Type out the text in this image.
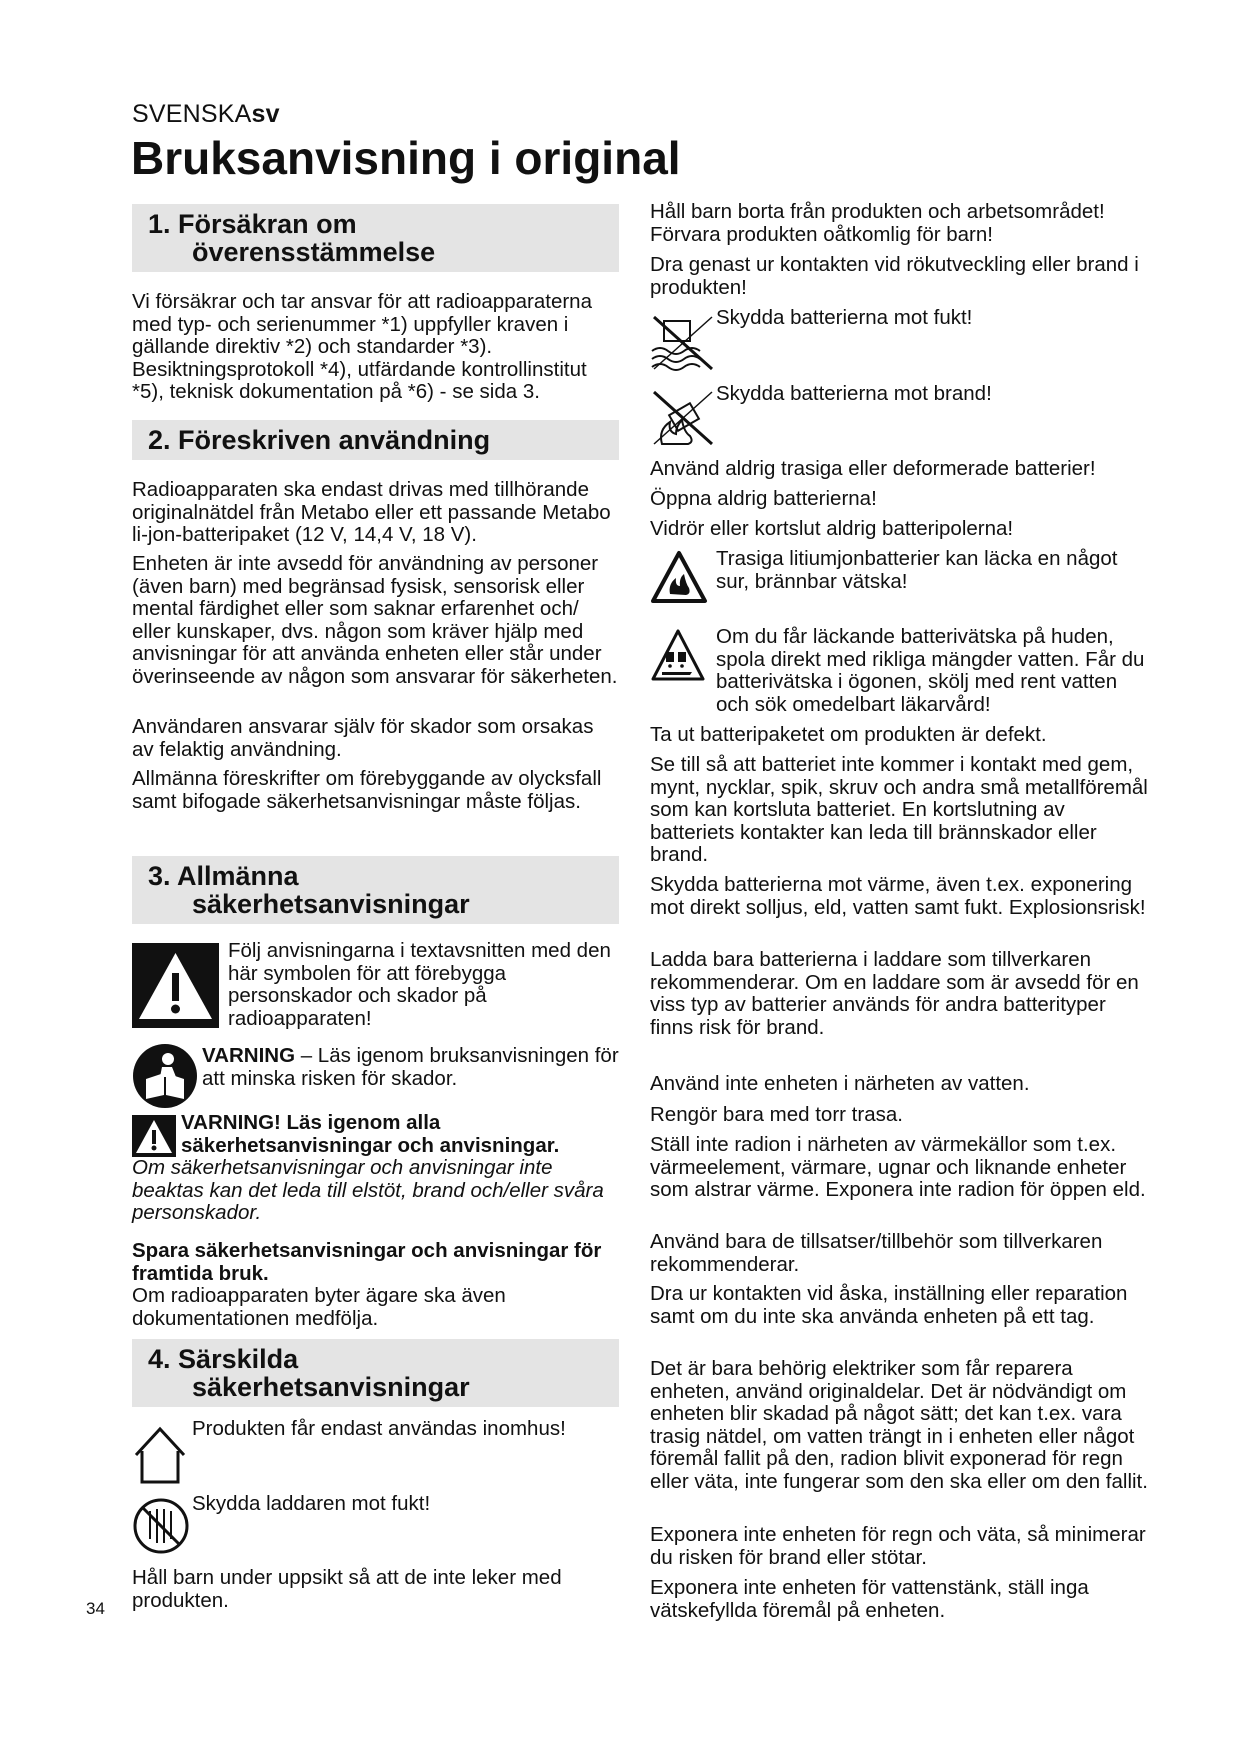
SVENSKAsv
Bruksanvisning i original
1. Försäkran om
överensstämmelse

Vi försäkrar och tar ansvar för att radioapparaterna med typ- och serienummer *1) uppfyller kraven i gällande direktiv *2) och standarder *3). Besiktningsprotokoll *4), utfärdande kontrollinstitut *5), teknisk dokumentation på *6) - se sida 3.

2. Föreskriven användning

Radioapparaten ska endast drivas med tillhörande originalnätdel från Metabo eller ett passande Metabo li-jon-batteripaket (12 V, 14,4 V, 18 V).

Enheten är inte avsedd för användning av personer (även barn) med begränsad fysisk, sensorisk eller mental färdighet eller som saknar erfarenhet och/ eller kunskaper, dvs. någon som kräver hjälp med anvisningar för att använda enheten eller står under överinseende av någon som ansvarar för säkerheten.

Användaren ansvarar själv för skador som orsakas av felaktig användning.

Allmänna föreskrifter om förebyggande av olycksfall samt bifogade säkerhetsanvisningar måste följas.

3. Allmänna
säkerhetsanvisningar

Följ anvisningarna i textavsnitten med den här symbolen för att förebygga personskador och skador på radioapparaten!

VARNING – Läs igenom bruksanvisningen för att minska risken för skador.

VARNING! Läs igenom alla säkerhetsanvisningar och anvisningar.

Om säkerhetsanvisningar och anvisningar inte beaktas kan det leda till elstöt, brand och/eller svåra personskador.

Spara säkerhetsanvisningar och anvisningar för framtida bruk.

Om radioapparaten byter ägare ska även dokumentationen medfölja.

4. Särskilda
säkerhetsanvisningar

Produkten får endast användas inomhus!

Skydda laddaren mot fukt!

Håll barn under uppsikt så att de inte leker med produkten.

Håll barn borta från produkten och arbetsområdet! Förvara produkten oåtkomlig för barn!

Dra genast ur kontakten vid rökutveckling eller brand i produkten!

Skydda batterierna mot fukt!

Skydda batterierna mot brand!

Använd aldrig trasiga eller deformerade batterier!

Öppna aldrig batterierna!

Vidrör eller kortslut aldrig batteripolerna!

Trasiga litiumjonbatterier kan läcka en något sur, brännbar vätska!

Om du får läckande batterivätska på huden, spola direkt med rikliga mängder vatten. Får du batterivätska i ögonen, skölj med rent vatten och sök omedelbart läkarvård!

Ta ut batteripaketet om produkten är defekt.

Se till så att batteriet inte kommer i kontakt med gem, mynt, nycklar, spik, skruv och andra små metallföremål som kan kortsluta batteriet. En kortslutning av batteriets kontakter kan leda till brännskador eller brand.

Skydda batterierna mot värme, även t.ex. exponering mot direkt solljus, eld, vatten samt fukt. Explosionsrisk!

Ladda bara batterierna i laddare som tillverkaren rekommenderar. Om en laddare som är avsedd för en viss typ av batterier används för andra batterityper finns risk för brand.

Använd inte enheten i närheten av vatten.

Rengör bara med torr trasa.

Ställ inte radion i närheten av värmekällor som t.ex. värmeelement, värmare, ugnar och liknande enheter som alstrar värme. Exponera inte radion för öppen eld.

Använd bara de tillsatser/tillbehör som tillverkaren rekommenderar.

Dra ur kontakten vid åska, inställning eller reparation samt om du inte ska använda enheten på ett tag.

Det är bara behörig elektriker som får reparera enheten, använd originaldelar. Det är nödvändigt om enheten blir skadad på något sätt; det kan t.ex. vara trasig nätdel, om vatten trängt in i enheten eller något föremål fallit på den, radion blivit exponerad för regn eller väta, inte fungerar som den ska eller om den fallit.

Exponera inte enheten för regn och väta, så minimerar du risken för brand eller stötar.

Exponera inte enheten för vattenstänk, ställ inga vätskefyllda föremål på enheten.

34
